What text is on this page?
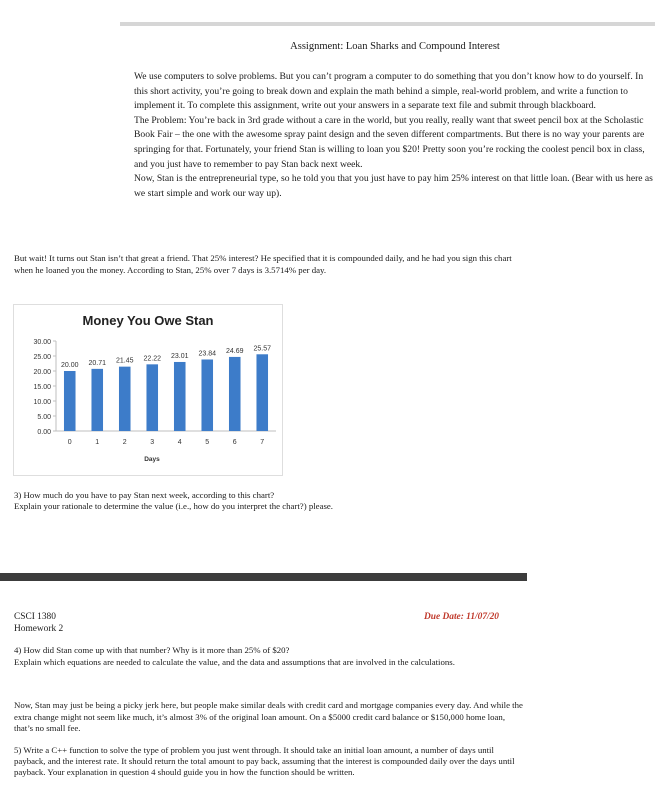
Assignment: Loan Sharks and Compound Interest

We use computers to solve problems. But you can’t program a computer to do something that you don’t know how to do yourself. In this short activity, you’re going to break down and explain the math behind a simple, real-world problem, and write a function to implement it. To complete this assignment, write out your answers in a separate text file and submit through blackboard.

The Problem: You’re back in 3rd grade without a care in the world, but you really, really want that sweet pencil box at the Scholastic Book Fair – the one with the awesome spray paint design and the seven different compartments. But there is no way your parents are springing for that. Fortunately, your friend Stan is willing to loan you $20! Pretty soon you’re rocking the coolest pencil box in class, and you just have to remember to pay Stan back next week.

Now, Stan is the entrepreneurial type, so he told you that you just have to pay him 25% interest on that little loan. (Bear with us here as we start simple and work our way up).

But wait! It turns out Stan isn’t that great a friend. That 25% interest? He specified that it is compounded daily, and he had you sign this chart when he loaned you the money. According to Stan, 25% over 7 days is 3.5714% per day.
Money You Owe Stan
0.00
5.00
10.00
15.00
20.00
25.00
30.00
20.00
0
20.71
1
21.45
2
22.22
3
23.01
4
23.84
5
24.69
6
25.57
7
Days

3) How much do you have to pay Stan next week, according to this chart?

Explain your rationale to determine the value (i.e., how do you interpret the chart?) please.

CSCI 1380
Homework 2
Due Date: 11/07/20

4) How did Stan come up with that number? Why is it more than 25% of $20?

Explain which equations are needed to calculate the value, and the data and assumptions that are involved in the calculations.

Now, Stan may just be being a picky jerk here, but people make similar deals with credit card and mortgage companies every day. And while the extra change might not seem like much, it’s almost 3% of the original loan amount. On a $5000 credit card balance or $150,000 home loan, that’s no small fee.
5) Write a C++ function to solve the type of problem you just went through. It should take an initial loan amount, a number of days until payback, and the interest rate. It should return the total amount to pay back, assuming that the interest is compounded daily over the days until payback. Your explanation in question 4 should guide you in how the function should be written.
